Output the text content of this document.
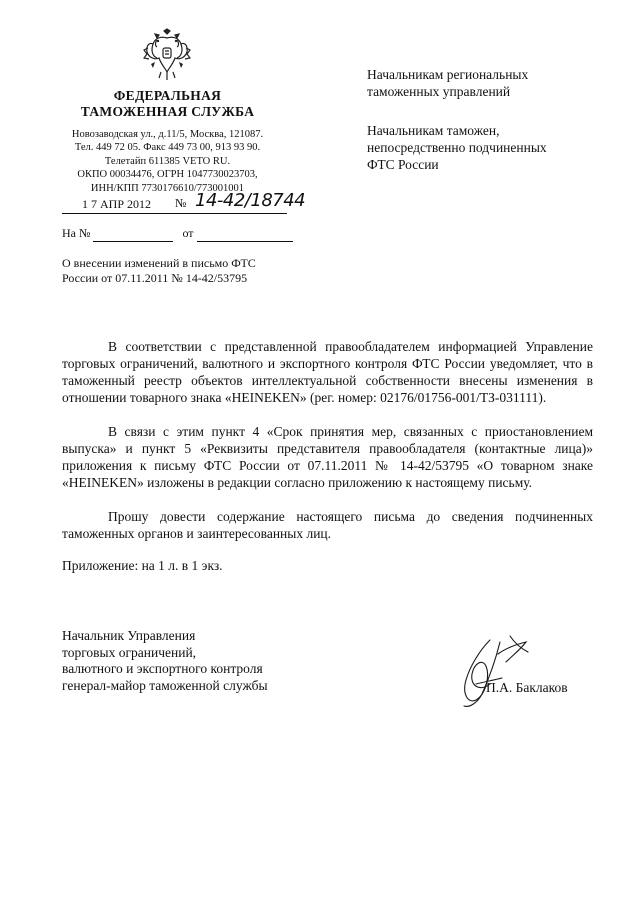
ФЕДЕРАЛЬНАЯ
ТАМОЖЕННАЯ СЛУЖБА
Новозаводская ул., д.11/5, Москва, 121087.
Тел. 449 72 05. Факс 449 73 00, 913 93 90.
Телетайп 611385 VETO RU.
ОКПО 00034476, ОГРН 1047730023703,
ИНН/КПП 7730176610/773001001
1 7 АПР 2012 № 14-42/18744
На №	от
О внесении изменений в письмо ФТС
России от 07.11.2011 № 14-42/53795
Начальникам региональных
таможенных управлений
Начальникам таможен,
непосредственно подчиненных
ФТС России

В соответствии с представленной правообладателем информацией Управление торговых ограничений, валютного и экспортного контроля ФТС России уведомляет, что в таможенный реестр объектов интеллектуальной собственности внесены изменения в отношении товарного знака «HEINEKEN» (рег. номер: 02176/01756-001/ТЗ-031111).

В связи с этим пункт 4 «Срок принятия мер, связанных с приостановлением выпуска» и пункт 5 «Реквизиты представителя правообладателя (контактные лица)» приложения к письму ФТС России от 07.11.2011 № 14-42/53795 «О товарном знаке «HEINEKEN» изложены в редакции согласно приложению к настоящему письму.

Прошу довести содержание настоящего письма до сведения подчиненных таможенных органов и заинтересованных лиц.

Приложение: на 1 л. в 1 экз.
Начальник Управления
торговых ограничений,
валютного и экспортного контроля
генерал-майор таможенной службы	П.А. Баклаков
